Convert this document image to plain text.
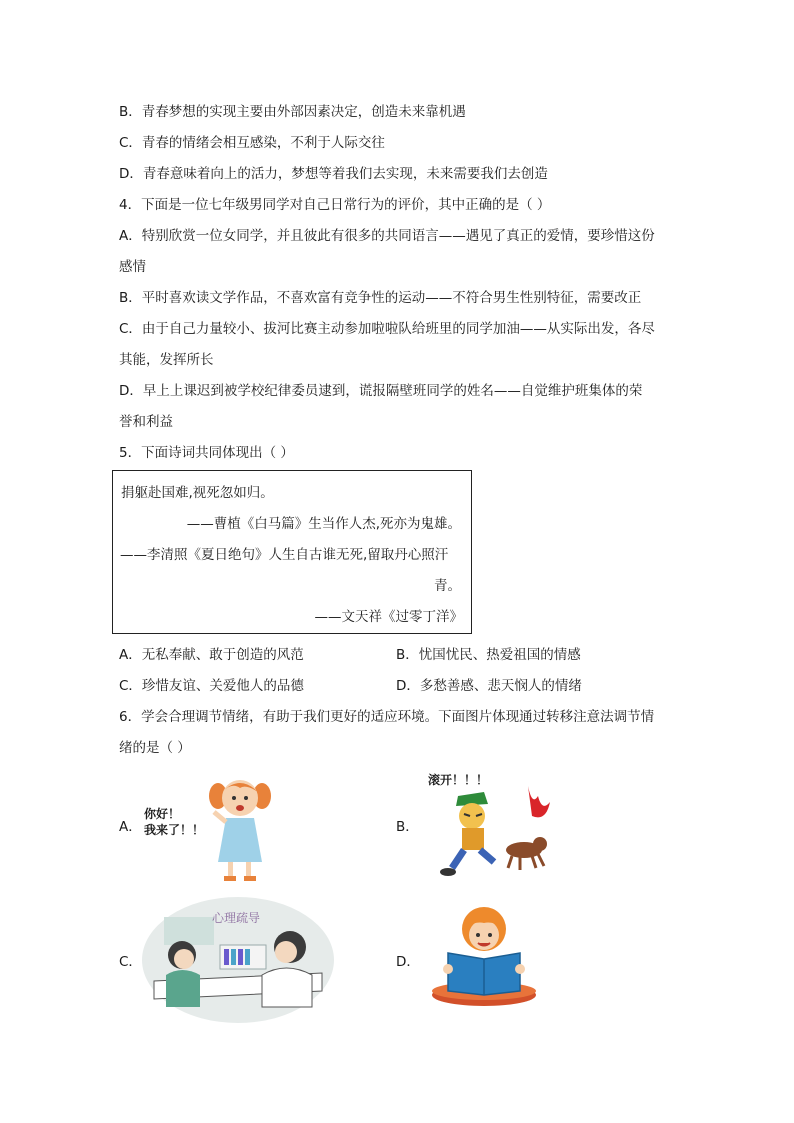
B．青春梦想的实现主要由外部因素决定，创造未来靠机遇
C．青春的情绪会相互感染，不利于人际交往
D．青春意味着向上的活力，梦想等着我们去实现，未来需要我们去创造
4．下面是一位七年级男同学对自己日常行为的评价，其中正确的是（ ）
A．特别欣赏一位女同学，并且彼此有很多的共同语言——遇见了真正的爱情，要珍惜这份
感情
B．平时喜欢读文学作品，不喜欢富有竞争性的运动——不符合男生性别特征，需要改正
C．由于自己力量较小、拔河比赛主动参加啦啦队给班里的同学加油——从实际出发，各尽
其能，发挥所长
D．早上上课迟到被学校纪律委员逮到，谎报隔壁班同学的姓名——自觉维护班集体的荣
誉和利益
5．下面诗词共同体现出（ ）
捐躯赴国难,视死忽如归。
——曹植《白马篇》生当作人杰,死亦为鬼雄。
——李清照《夏日绝句》人生自古谁无死,留取丹心照汗
青。
——文天祥《过零丁洋》
A．无私奉献、敢于创造的风范	B．忧国忧民、热爱祖国的情感
C．珍惜友谊、关爱他人的品德	D．多愁善感、悲天悯人的情绪
6．学会合理调节情绪，有助于我们更好的适应环境。下面图片体现通过转移注意法调节情
绪的是（ ）
A．	B．
C．	D．
你好！
我来了！！
滚开！！！
心理疏导
